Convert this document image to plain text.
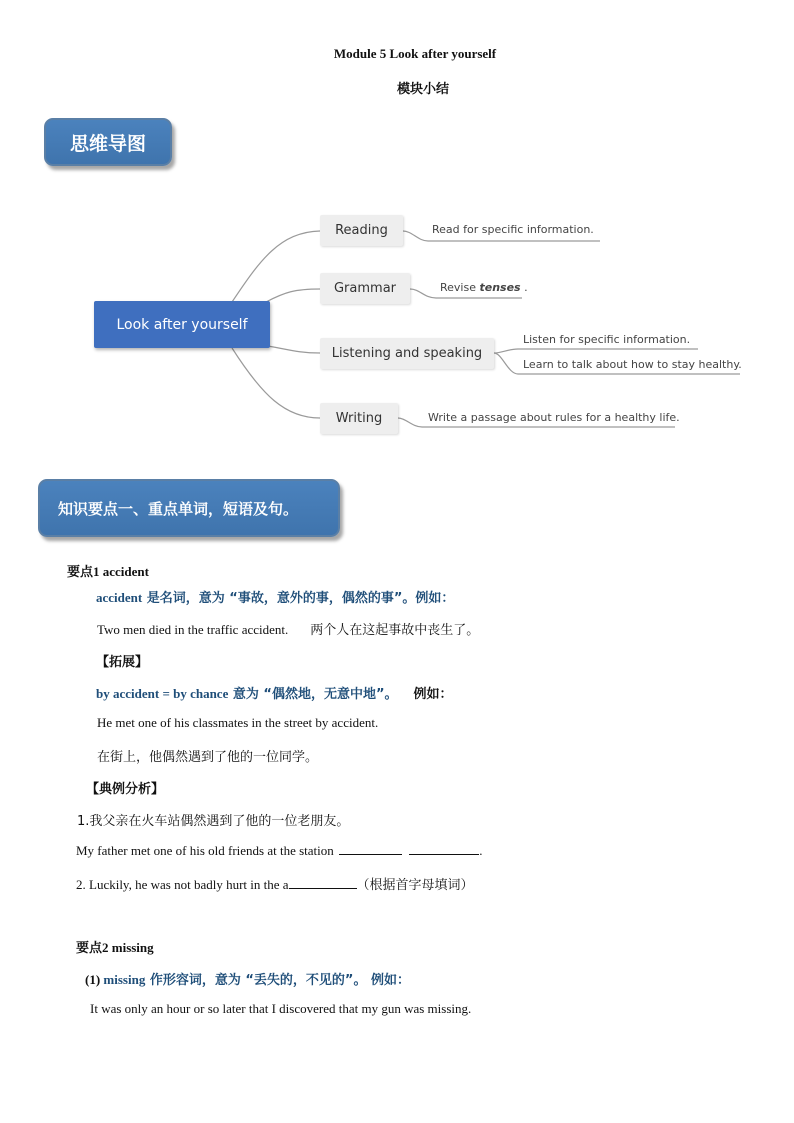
Module 5 Look after yourself
模块小结
思维导图
Look after yourself
Reading
Grammar
Listening and speaking
Writing
Read for specific information.
Revise tenses .
Listen for specific information.
Learn to talk about how to stay healthy.
Write a passage about rules for a healthy life.
知识要点一、重点单词，短语及句。
要点1 accident
accident 是名词，意为 “事故，意外的事，偶然的事”。例如：
Two men died in the traffic accident. 两个人在这起事故中丧生了。
【拓展】
by accident = by chance 意为 “偶然地，无意中地”。 例如：
He met one of his classmates in the street by accident.
在街上，他偶然遇到了他的一位同学。
【典例分析】
1.我父亲在火车站偶然遇到了他的一位老朋友。
My father met one of his old friends at the station	.
2. Luckily, he was not badly hurt in the a	（根据首字母填词）
要点2 missing
(1) missing 作形容词，意为 “丢失的，不见的”。 例如：
It was only an hour or so later that I discovered that my gun was missing.
